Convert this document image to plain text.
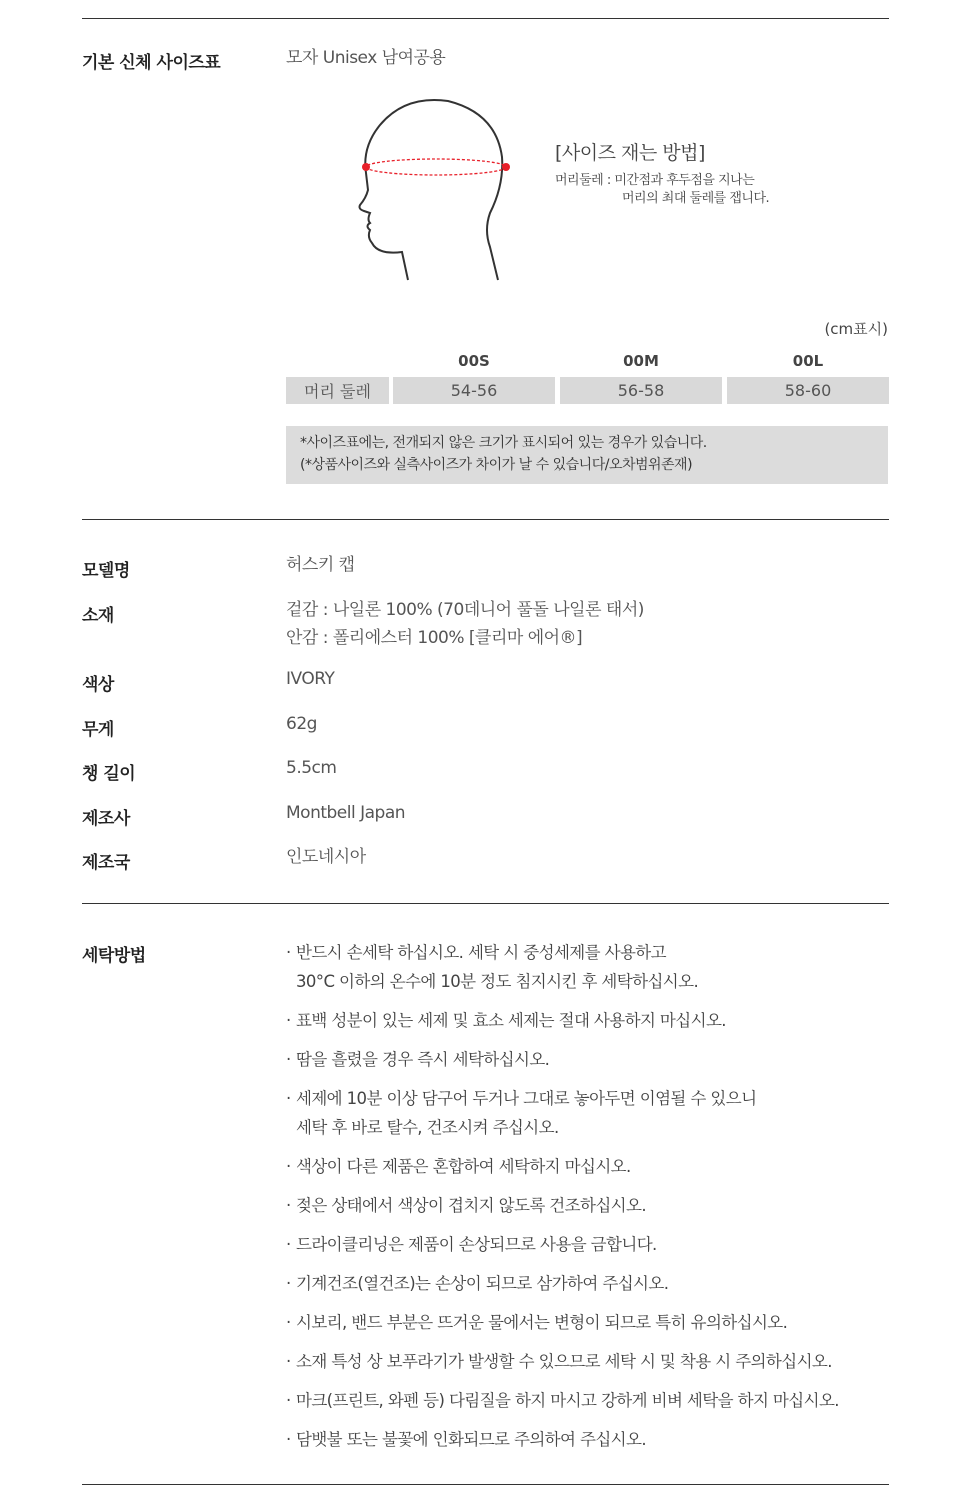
기본 신체 사이즈표	모자 Unisex 남여공용
[사이즈 재는 방법]
머리둘레 : 미간점과 후두점을 지나는
머리의 최대 둘레를 잽니다.
(cm표시)
00S	00M	00L
머리 둘레	54-56	56-58	58-60
*사이즈표에는, 전개되지 않은 크기가 표시되어 있는 경우가 있습니다.
(*상품사이즈와 실측사이즈가 차이가 날 수 있습니다/오차범위존재)
모델명	허스키 캡
소재	겉감 : 나일론 100% (70데니어 풀돌 나일론 태서)
안감 : 폴리에스터 100% [클리마 에어®]
색상	IVORY
무게	62g
챙 길이	5.5cm
제조사	Montbell Japan
제조국	인도네시아
세탁방법
·	반드시 손세탁 하십시오. 세탁 시 중성세제를 사용하고
30°C 이하의 온수에 10분 정도 침지시킨 후 세탁하십시오.
· 표백 성분이 있는 세제 및 효소 세제는 절대 사용하지 마십시오.
· 땀을 흘렸을 경우 즉시 세탁하십시오.
· 세제에 10분 이상 담구어 두거나 그대로 놓아두면 이염될 수 있으니
세탁 후 바로 탈수, 건조시켜 주십시오.
· 색상이 다른 제품은 혼합하여 세탁하지 마십시오.
· 젖은 상태에서 색상이 겹치지 않도록 건조하십시오.
· 드라이클리닝은 제품이 손상되므로 사용을 금합니다.
· 기계건조(열건조)는 손상이 되므로 삼가하여 주십시오.
· 시보리, 밴드 부분은 뜨거운 물에서는 변형이 되므로 특히 유의하십시오.
· 소재 특성 상 보푸라기가 발생할 수 있으므로 세탁 시 및 착용 시 주의하십시오.
· 마크(프린트, 와펜 등) 다림질을 하지 마시고 강하게 비벼 세탁을 하지 마십시오.
· 담뱃불 또는 불꽃에 인화되므로 주의하여 주십시오.
